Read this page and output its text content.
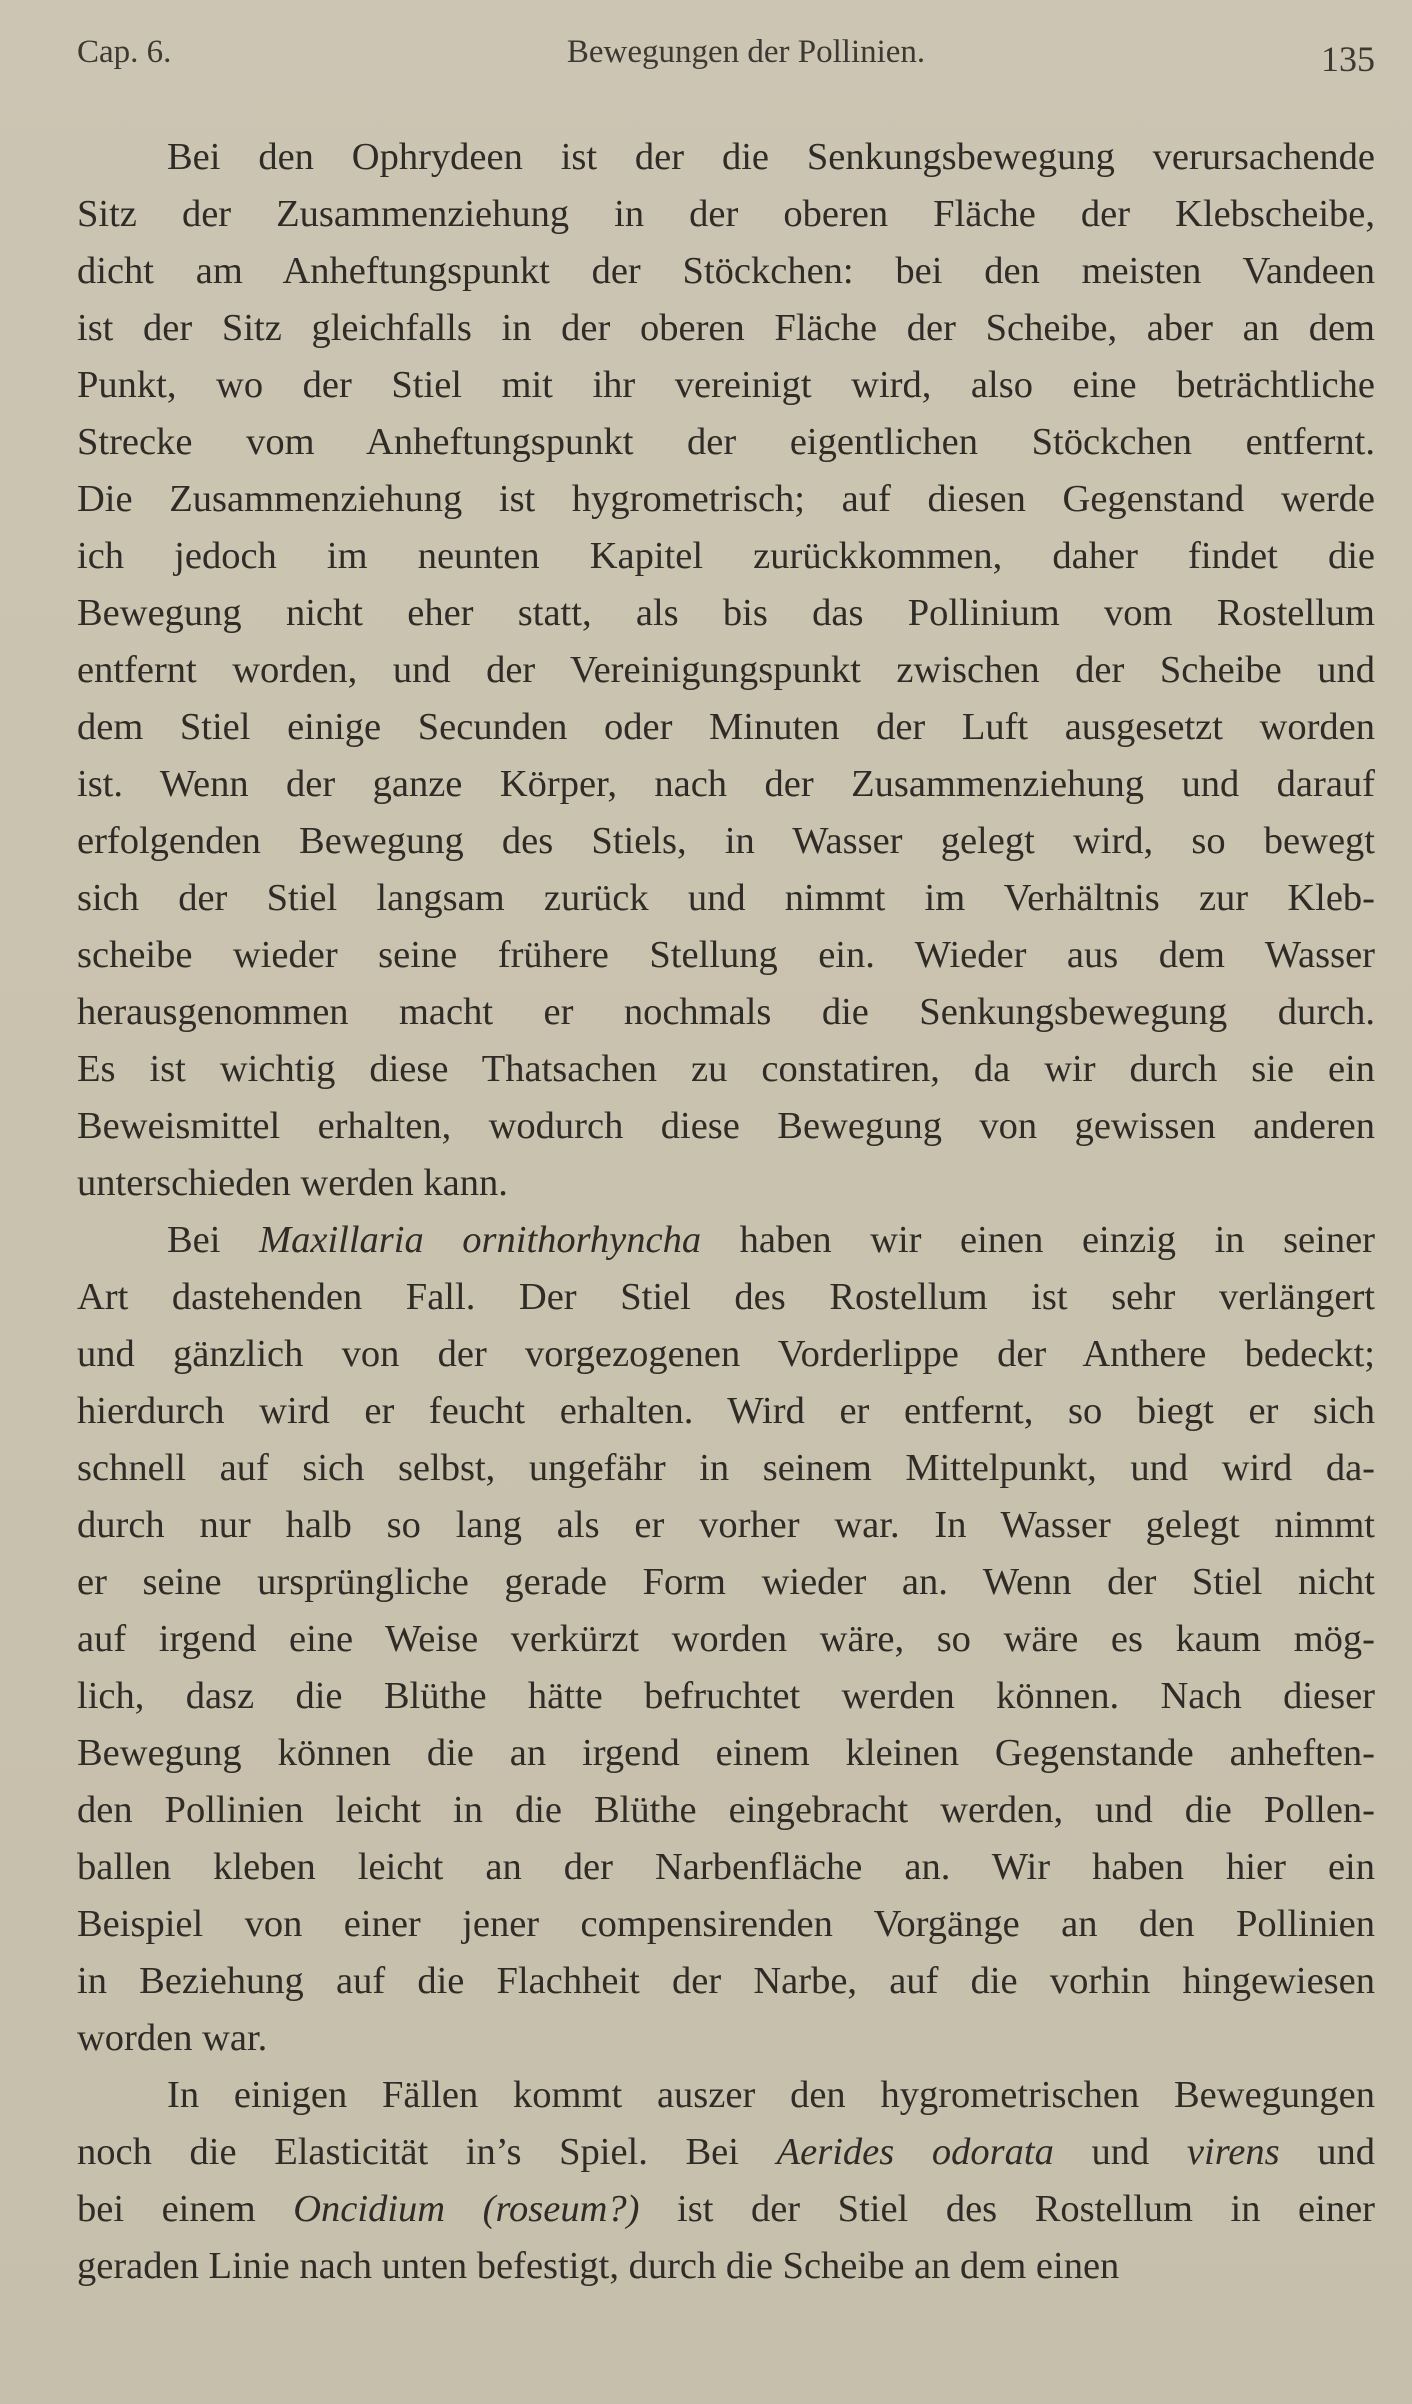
Cap. 6.	Bewegungen der Pollinien.	135
Bei den Ophrydeen ist der die Senkungsbewegung verursachende
Sitz der Zusammenziehung in der oberen Fläche der Klebscheibe,
dicht am Anheftungspunkt der Stöckchen: bei den meisten Vandeen
ist der Sitz gleichfalls in der oberen Fläche der Scheibe, aber an dem
Punkt, wo der Stiel mit ihr vereinigt wird, also eine beträchtliche
Strecke vom Anheftungspunkt der eigentlichen Stöckchen entfernt.
Die Zusammenziehung ist hygrometrisch; auf diesen Gegenstand werde
ich jedoch im neunten Kapitel zurückkommen, daher findet die
Bewegung nicht eher statt, als bis das Pollinium vom Rostellum
entfernt worden, und der Vereinigungspunkt zwischen der Scheibe und
dem Stiel einige Secunden oder Minuten der Luft ausgesetzt worden
ist. Wenn der ganze Körper, nach der Zusammenziehung und darauf
erfolgenden Bewegung des Stiels, in Wasser gelegt wird, so bewegt
sich der Stiel langsam zurück und nimmt im Verhältnis zur Kleb-
scheibe wieder seine frühere Stellung ein. Wieder aus dem Wasser
herausgenommen macht er nochmals die Senkungsbewegung durch.
Es ist wichtig diese Thatsachen zu constatiren, da wir durch sie ein
Beweismittel erhalten, wodurch diese Bewegung von gewissen anderen
unterschieden werden kann.
Bei Maxillaria ornithorhyncha haben wir einen einzig in seiner
Art dastehenden Fall. Der Stiel des Rostellum ist sehr verlängert
und gänzlich von der vorgezogenen Vorderlippe der Anthere bedeckt;
hierdurch wird er feucht erhalten. Wird er entfernt, so biegt er sich
schnell auf sich selbst, ungefähr in seinem Mittelpunkt, und wird da-
durch nur halb so lang als er vorher war. In Wasser gelegt nimmt
er seine ursprüngliche gerade Form wieder an. Wenn der Stiel nicht
auf irgend eine Weise verkürzt worden wäre, so wäre es kaum mög-
lich, dasz die Blüthe hätte befruchtet werden können. Nach dieser
Bewegung können die an irgend einem kleinen Gegenstande anheften-
den Pollinien leicht in die Blüthe eingebracht werden, und die Pollen-
ballen kleben leicht an der Narbenfläche an. Wir haben hier ein
Beispiel von einer jener compensirenden Vorgänge an den Pollinien
in Beziehung auf die Flachheit der Narbe, auf die vorhin hingewiesen
worden war.
In einigen Fällen kommt auszer den hygrometrischen Bewegungen
noch die Elasticität in’s Spiel. Bei Aerides odorata und virens und
bei einem Oncidium (roseum?) ist der Stiel des Rostellum in einer
geraden Linie nach unten befestigt, durch die Scheibe an dem einen
